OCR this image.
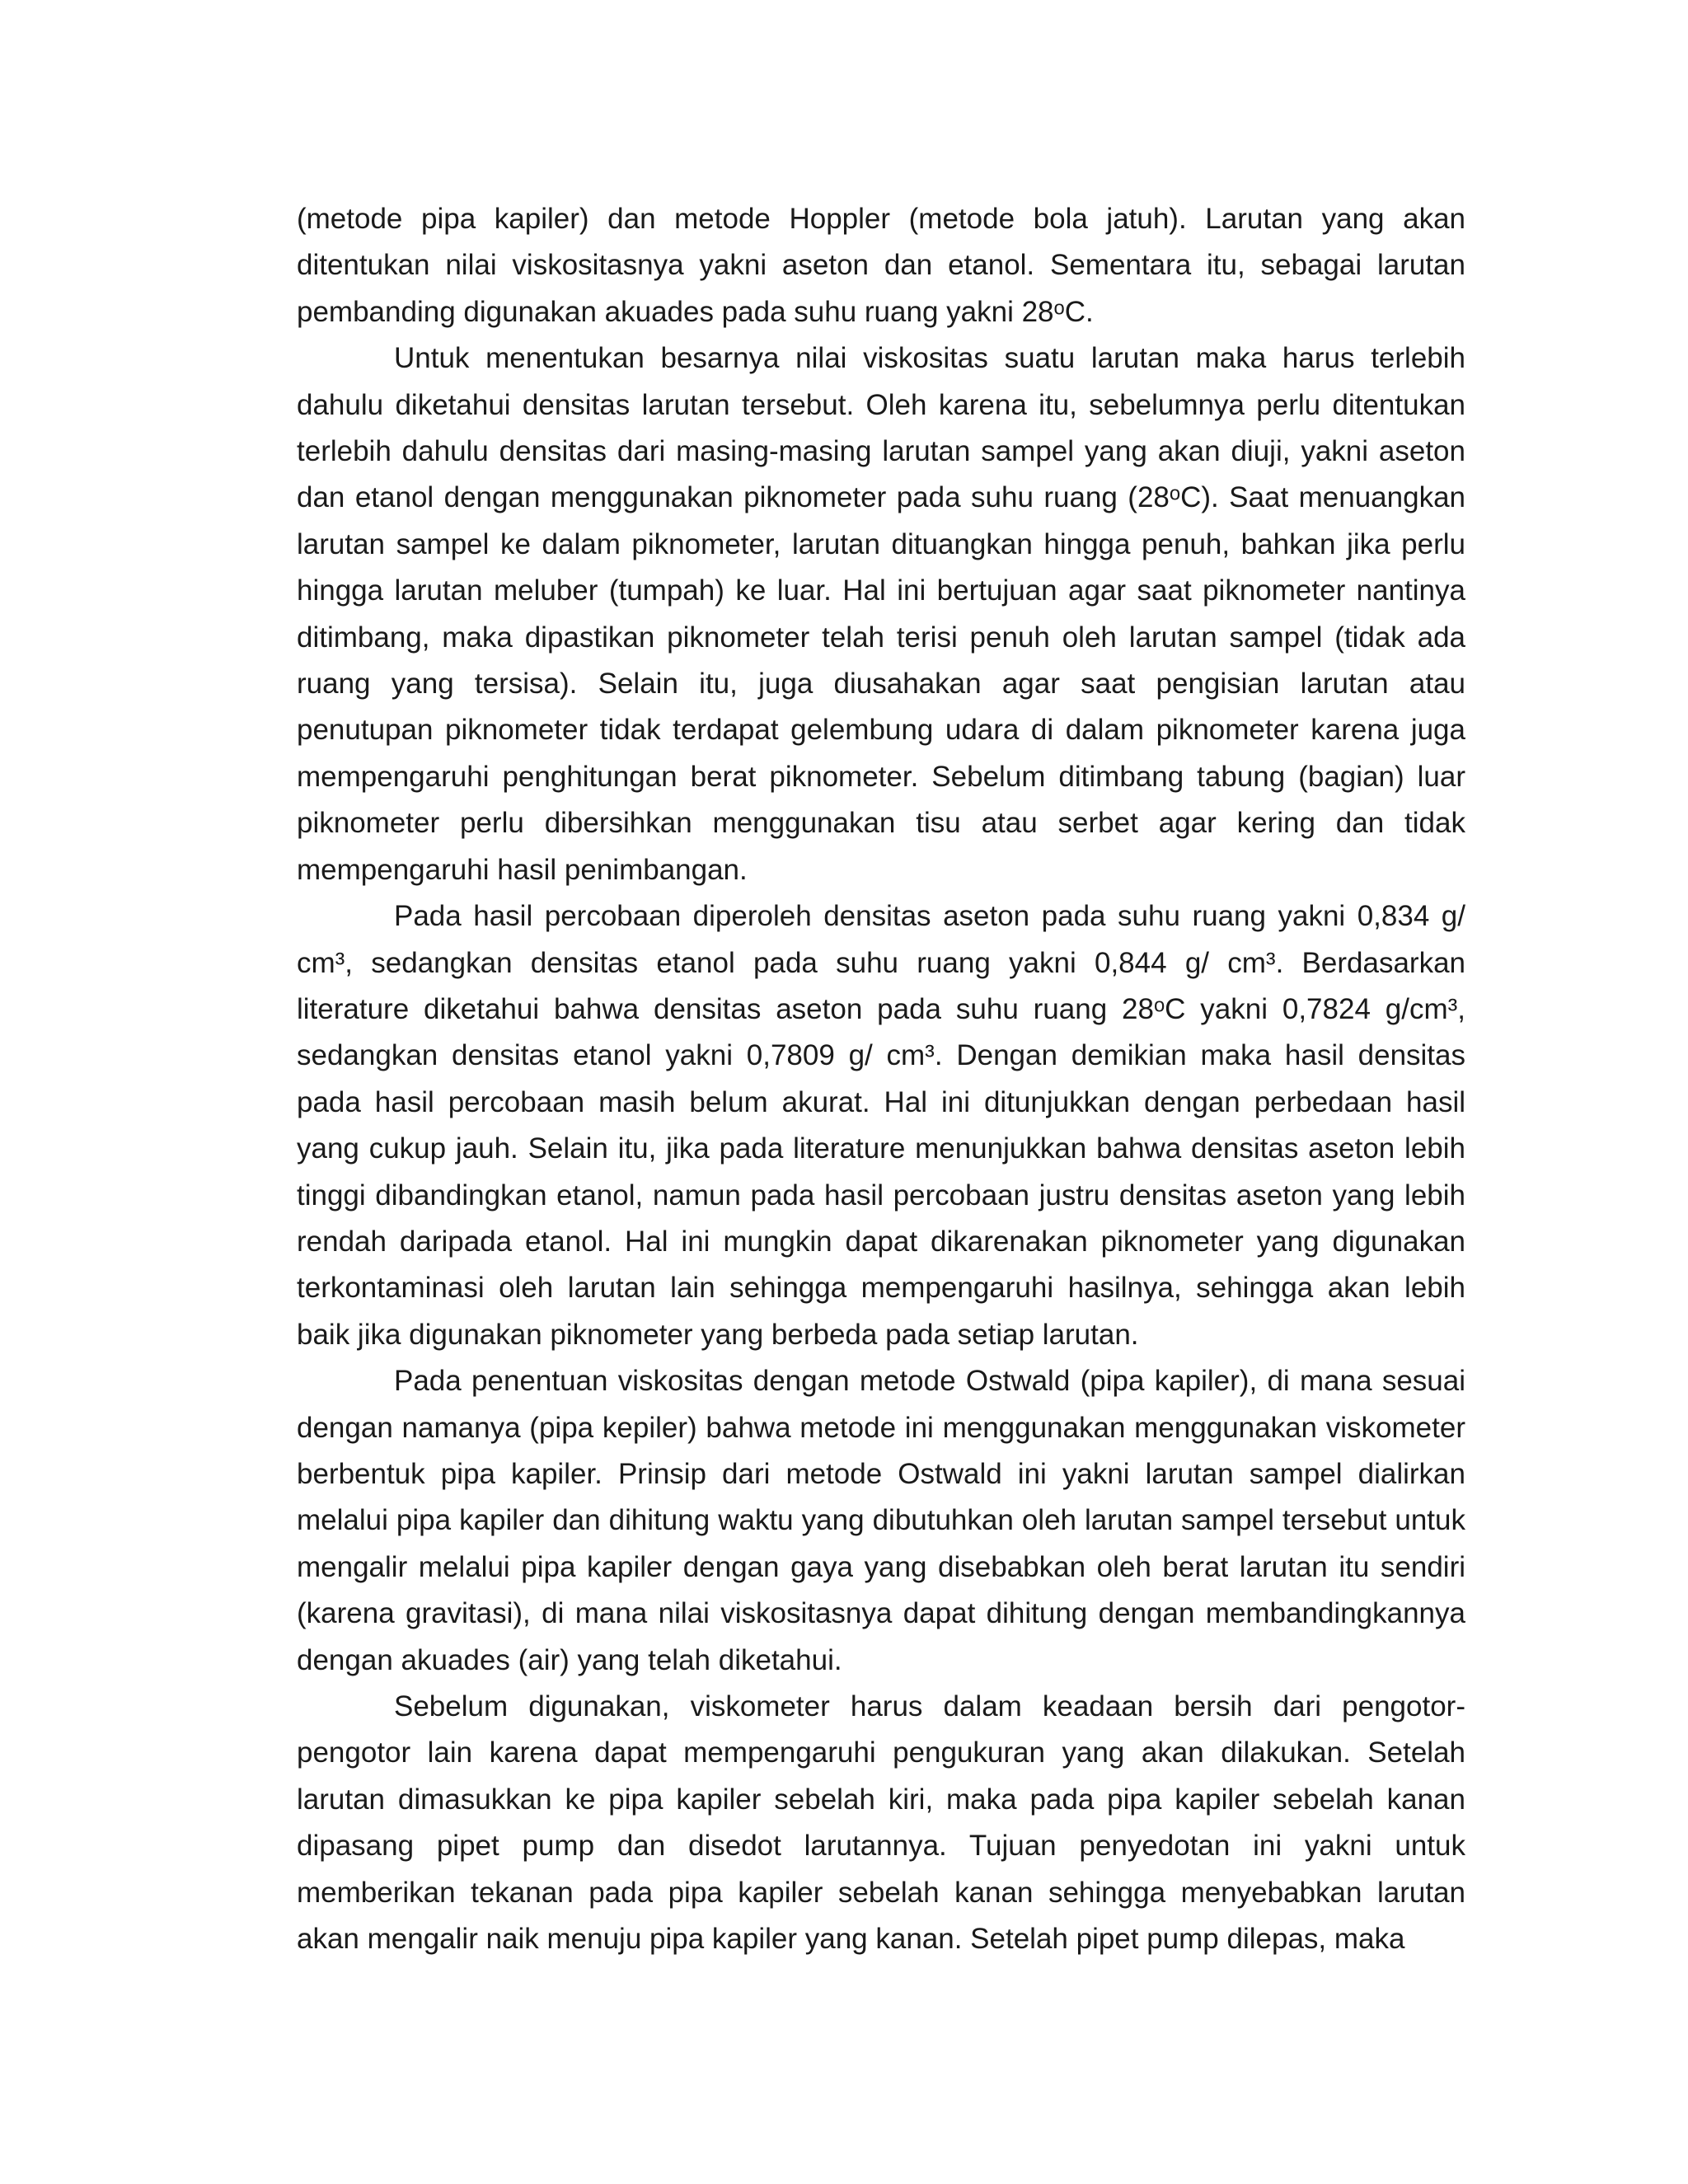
(metode pipa kapiler) dan metode Hoppler (metode bola jatuh). Larutan yang akan ditentukan nilai viskositasnya yakni aseton dan etanol. Sementara itu, sebagai larutan pembanding digunakan akuades pada suhu ruang yakni 28ᵒC.

Untuk menentukan besarnya nilai viskositas suatu larutan maka harus terlebih dahulu diketahui densitas larutan tersebut. Oleh karena itu, sebelumnya perlu ditentukan terlebih dahulu densitas dari masing-masing larutan sampel yang akan diuji, yakni aseton dan etanol dengan menggunakan piknometer pada suhu ruang (28ᵒC). Saat menuangkan larutan sampel ke dalam piknometer, larutan dituangkan hingga penuh, bahkan jika perlu hingga larutan meluber (tumpah) ke luar. Hal ini bertujuan agar saat piknometer nantinya ditimbang, maka dipastikan piknometer telah terisi penuh oleh larutan sampel (tidak ada ruang yang tersisa). Selain itu, juga diusahakan agar saat pengisian larutan atau penutupan piknometer tidak terdapat gelembung udara di dalam piknometer karena juga mempengaruhi penghitungan berat piknometer. Sebelum ditimbang tabung (bagian) luar piknometer perlu dibersihkan menggunakan tisu atau serbet agar kering dan tidak mempengaruhi hasil penimbangan.

Pada hasil percobaan diperoleh densitas aseton pada suhu ruang yakni 0,834 g/ cm³, sedangkan densitas etanol pada suhu ruang yakni 0,844 g/ cm³. Berdasarkan literature diketahui bahwa densitas aseton pada suhu ruang 28ᵒC yakni 0,7824 g/cm³, sedangkan densitas etanol yakni 0,7809 g/ cm³. Dengan demikian maka hasil densitas pada hasil percobaan masih belum akurat. Hal ini ditunjukkan dengan perbedaan hasil yang cukup jauh. Selain itu, jika pada literature menunjukkan bahwa densitas aseton lebih tinggi dibandingkan etanol, namun pada hasil percobaan justru densitas aseton yang lebih rendah daripada etanol. Hal ini mungkin dapat dikarenakan piknometer yang digunakan terkontaminasi oleh larutan lain sehingga mempengaruhi hasilnya, sehingga akan lebih baik jika digunakan piknometer yang berbeda pada setiap larutan.

Pada penentuan viskositas dengan metode Ostwald (pipa kapiler), di mana sesuai dengan namanya (pipa kepiler) bahwa metode ini menggunakan menggunakan viskometer berbentuk pipa kapiler. Prinsip dari metode Ostwald ini yakni larutan sampel dialirkan melalui pipa kapiler dan dihitung waktu yang dibutuhkan oleh larutan sampel tersebut untuk mengalir melalui pipa kapiler dengan gaya yang disebabkan oleh berat larutan itu sendiri (karena gravitasi), di mana nilai viskositasnya dapat dihitung dengan membandingkannya dengan akuades (air) yang telah diketahui.

Sebelum digunakan, viskometer harus dalam keadaan bersih dari pengotor-pengotor lain karena dapat mempengaruhi pengukuran yang akan dilakukan. Setelah larutan dimasukkan ke pipa kapiler sebelah kiri, maka pada pipa kapiler sebelah kanan dipasang pipet pump dan disedot larutannya. Tujuan penyedotan ini yakni untuk memberikan tekanan pada pipa kapiler sebelah kanan sehingga menyebabkan larutan akan mengalir naik menuju pipa kapiler yang kanan. Setelah pipet pump dilepas, maka
